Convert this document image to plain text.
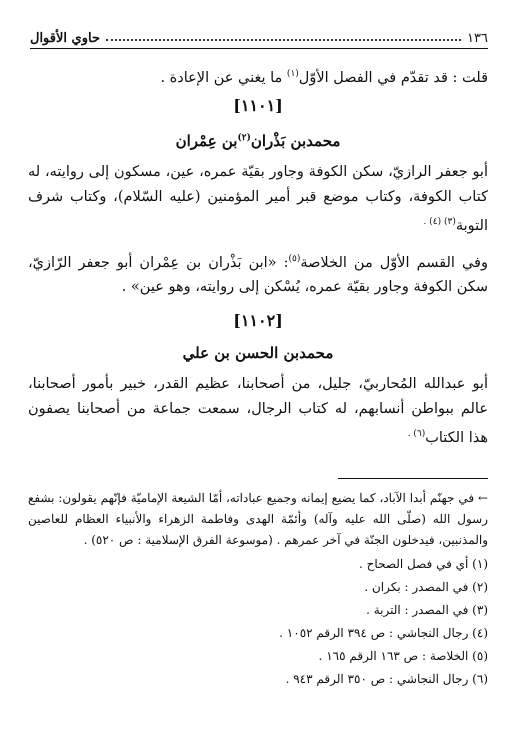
١٣٦
حاوي الأقوال

قلت : قد تقدّم في الفصل الأوّل$^{(١)}$ ما يغني عن الإعادة .

[١١٠١]

محمدبن بَذْران$^{(٢)}$بن عِمْران

أبو جعفر الرازيّ، سكن الكوفة وجاور بقيّة عمره، عين، مسكون إلى روايته، له كتاب الكوفة، وكتاب موضع قبر أمير المؤمنين (عليه السّلام)، وكتاب شرف التوبة$^{(٣) (٤) .}$

وفي القسم الأوّل من الخلاصة$^{(٥)}$: «ابن بَذْران بن عِمْران أبو جعفر الرّازيّ، سكن الكوفة وجاور بقيّة عمره، يُسْكن إلى روايته، وهو عين» .

[١١٠٢]

محمدبن الحسن بن علي

أبو عبدالله المُحاربيّ، جليل، من أصحابنا، عظيم القدر، خبير بأمور أصحابنا، عالم ببواطن أنسابهم، له كتاب الرجال، سمعت جماعة من أصحابنا يصفون هذا الكتاب$^{(٦) .}$

← في جهنّم أبدا الآباد، كما يضيع إيمانه وجميع عباداته، أمّا الشيعة الإماميّة فإنّهم يقولون: بشفع رسول الله (صلّى الله عليه وآله) وأئمّة الهدى وفاطمة الزهراء والأنبياء العظام للعاصين والمذنبين، فيدخلون الجنّة في آخر عمرهم . (موسوعة الفرق الإسلامية : ص ٥٢٠) .

(١) أي في فصل الصحاح .

(٢) في المصدر : بكران .

(٣) في المصدر : التربة .

(٤) رجال النجاشي : ص ٣٩٤ الرقم ١٠٥٢ .

(٥) الخلاصة : ص ١٦٣ الرقم ١٦٥ .

(٦) رجال النجاشي : ص ٣٥٠ الرقم ٩٤٣ .
